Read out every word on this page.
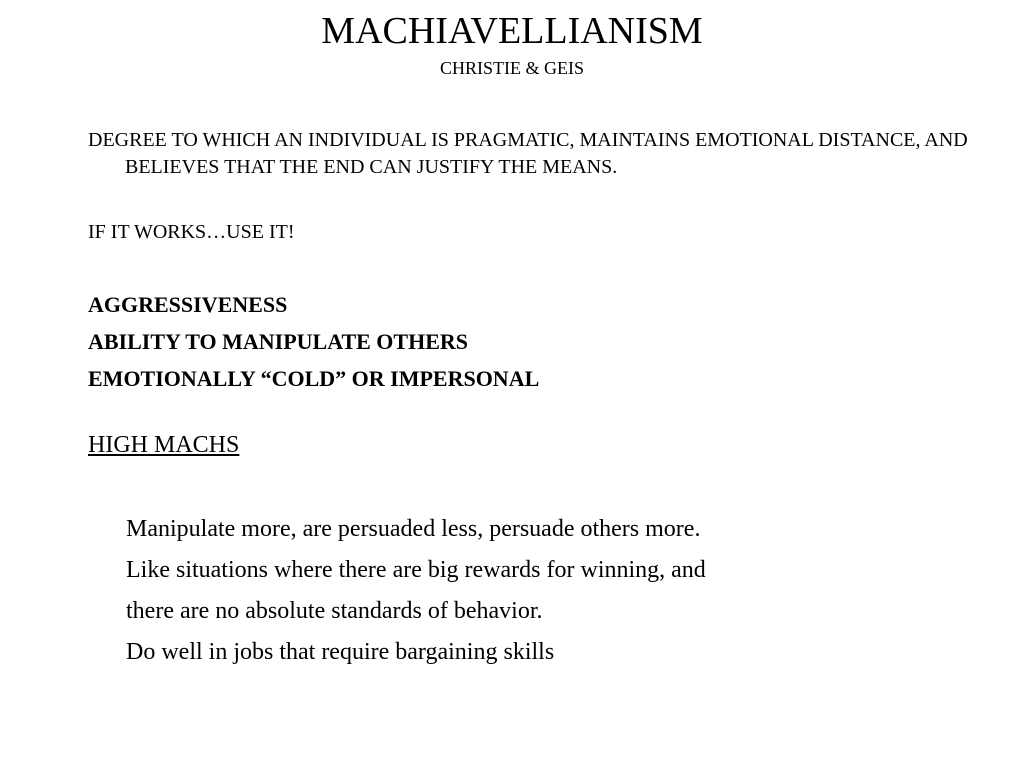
MACHIAVELLIANISM
CHRISTIE & GEIS
DEGREE TO WHICH AN INDIVIDUAL IS PRAGMATIC, MAINTAINS EMOTIONAL DISTANCE, AND BELIEVES THAT THE END CAN JUSTIFY THE MEANS.
IF IT WORKS…USE IT!
AGGRESSIVENESS
ABILITY TO MANIPULATE OTHERS
EMOTIONALLY “COLD” OR IMPERSONAL
HIGH MACHS
Manipulate more, are persuaded less, persuade others more.
Like situations where there are big rewards for winning, and
there are no absolute standards of behavior.
Do well in jobs that require bargaining skills
